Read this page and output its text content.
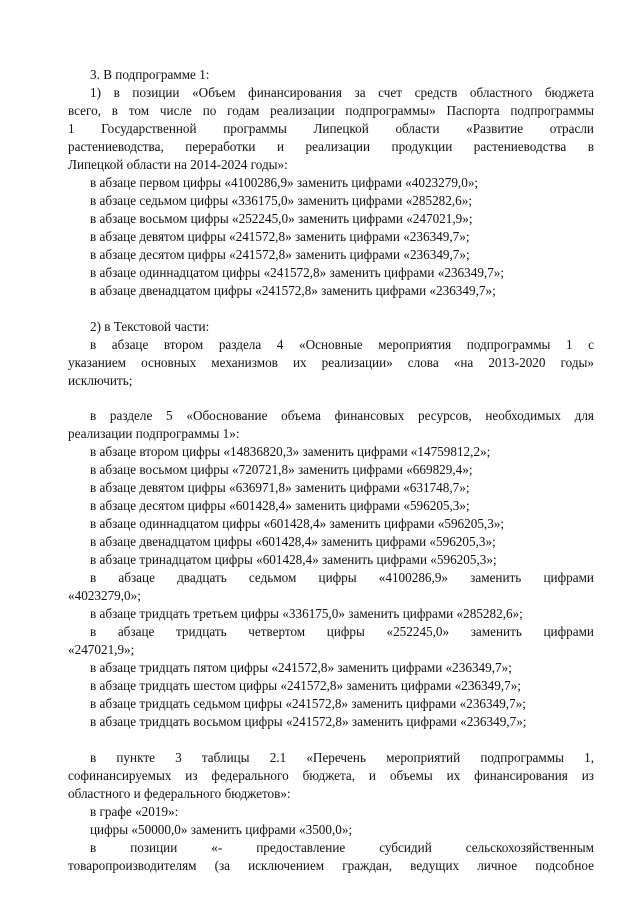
3. В подпрограмме 1:
1) в позиции «Объем финансирования за счет средств областного бюджета
всего, в том числе по годам реализации подпрограммы» Паспорта подпрограммы
1 Государственной программы Липецкой области «Развитие отрасли
растениеводства, переработки и реализации продукции растениеводства в
Липецкой области на 2014-2024 годы»:
в абзаце первом цифры «4100286,9» заменить цифрами «4023279,0»;
в абзаце седьмом цифры «336175,0» заменить цифрами «285282,6»;
в абзаце восьмом цифры «252245,0» заменить цифрами «247021,9»;
в абзаце девятом цифры «241572,8» заменить цифрами «236349,7»;
в абзаце десятом цифры «241572,8» заменить цифрами «236349,7»;
в абзаце одиннадцатом цифры «241572,8» заменить цифрами «236349,7»;
в абзаце двенадцатом цифры «241572,8» заменить цифрами «236349,7»;
2) в Текстовой части:
в абзаце втором раздела 4 «Основные мероприятия подпрограммы 1 с
указанием основных механизмов их реализации» слова «на 2013-2020 годы»
исключить;
в разделе 5 «Обоснование объема финансовых ресурсов, необходимых для
реализации подпрограммы 1»:
в абзаце втором цифры «14836820,3» заменить цифрами «14759812,2»;
в абзаце восьмом цифры «720721,8» заменить цифрами «669829,4»;
в абзаце девятом цифры «636971,8» заменить цифрами «631748,7»;
в абзаце десятом цифры «601428,4» заменить цифрами «596205,3»;
в абзаце одиннадцатом цифры «601428,4» заменить цифрами «596205,3»;
в абзаце двенадцатом цифры «601428,4» заменить цифрами «596205,3»;
в абзаце тринадцатом цифры «601428,4» заменить цифрами «596205,3»;
в абзаце двадцать седьмом цифры «4100286,9» заменить цифрами
«4023279,0»;
в абзаце тридцать третьем цифры «336175,0» заменить цифрами «285282,6»;
в абзаце тридцать четвертом цифры «252245,0» заменить цифрами
«247021,9»;
в абзаце тридцать пятом цифры «241572,8» заменить цифрами «236349,7»;
в абзаце тридцать шестом цифры «241572,8» заменить цифрами «236349,7»;
в абзаце тридцать седьмом цифры «241572,8» заменить цифрами «236349,7»;
в абзаце тридцать восьмом цифры «241572,8» заменить цифрами «236349,7»;
в пункте 3 таблицы 2.1 «Перечень мероприятий подпрограммы 1,
софинансируемых из федерального бюджета, и объемы их финансирования из
областного и федерального бюджетов»:
в графе «2019»:
цифры «50000,0» заменить цифрами «3500,0»;
в позиции «- предоставление субсидий сельскохозяйственным
товаропроизводителям (за исключением граждан, ведущих личное подсобное
